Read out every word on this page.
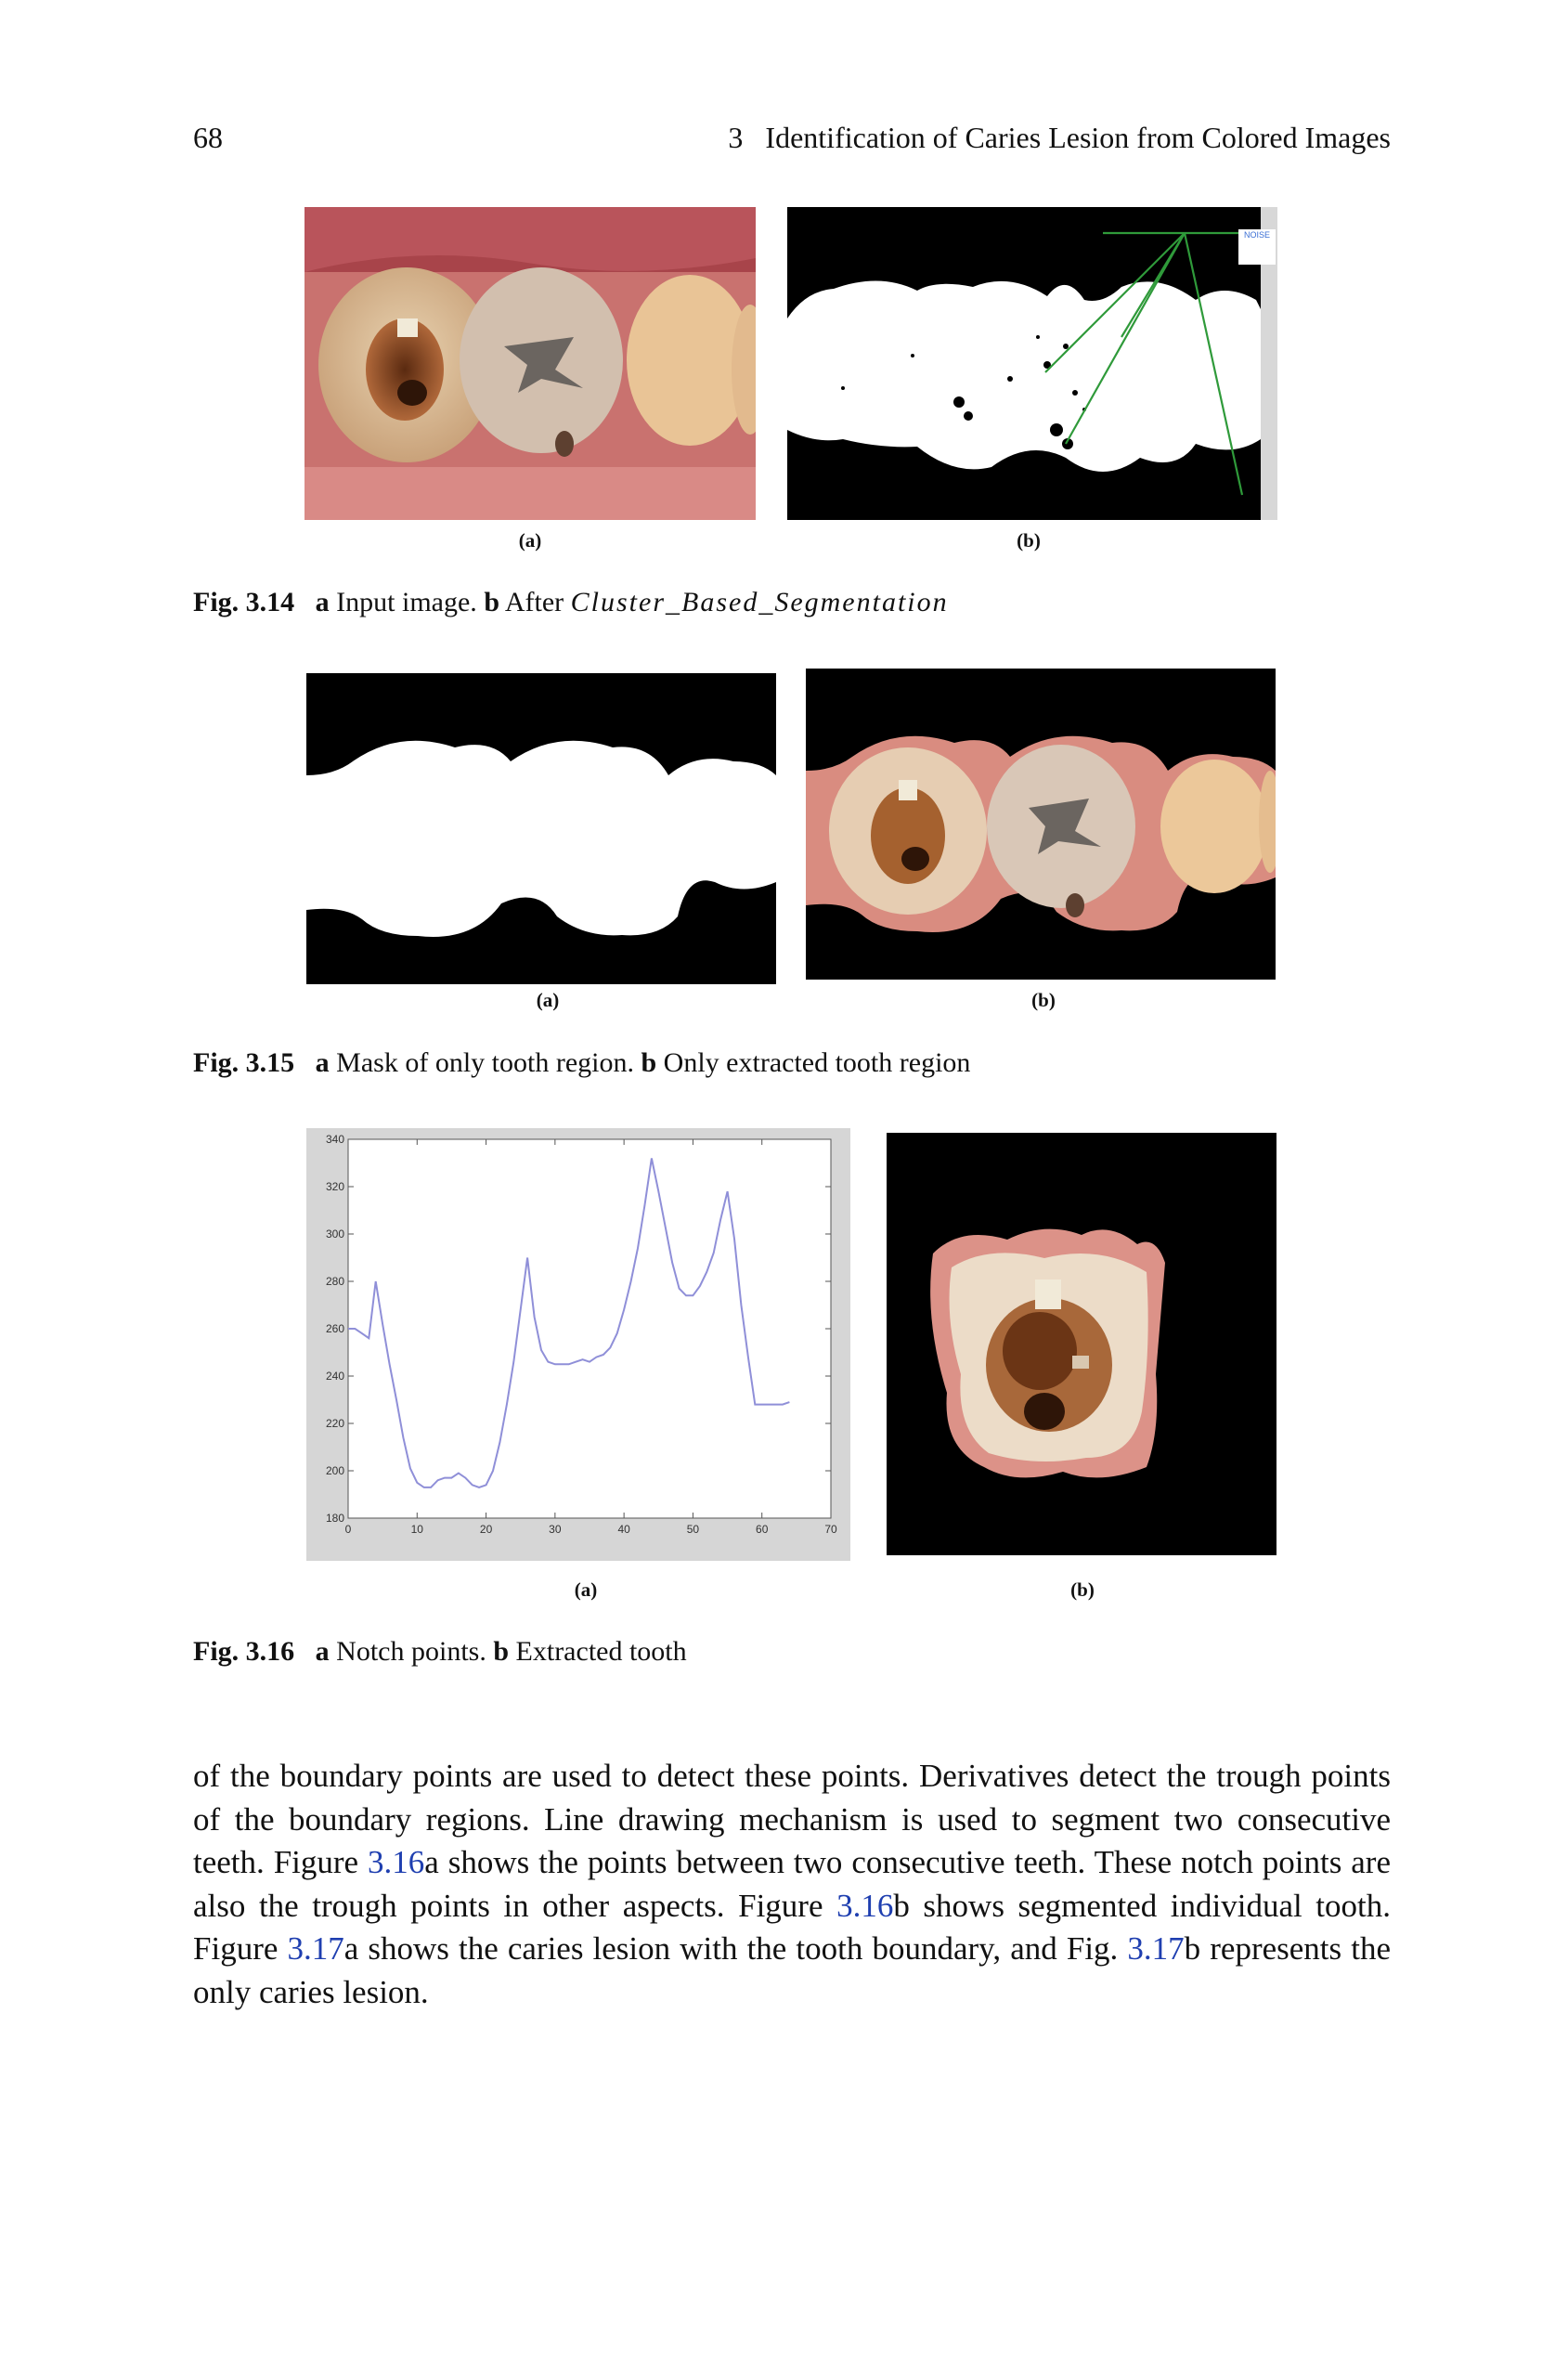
68	3   Identification of Caries Lesion from Colored Images
NOISE
(a)	(b)
Fig. 3.14 a Input image. b After Cluster_Based_Segmentation
(a)	(b)
Fig. 3.15 a Mask of only tooth region. b Only extracted tooth region
180
200
220
240
260
280
300
320
340
0	10	20	30	40	50	60	70
(a)	(b)
Fig. 3.16 a Notch points. b Extracted tooth
of the boundary points are used to detect these points. Derivatives detect the trough points of the boundary regions. Line drawing mechanism is used to segment two consecutive teeth. Figure 3.16a shows the points between two consecutive teeth. These notch points are also the trough points in other aspects. Figure 3.16b shows segmented individual tooth. Figure 3.17a shows the caries lesion with the tooth boundary, and Fig. 3.17b represents the only caries lesion.
